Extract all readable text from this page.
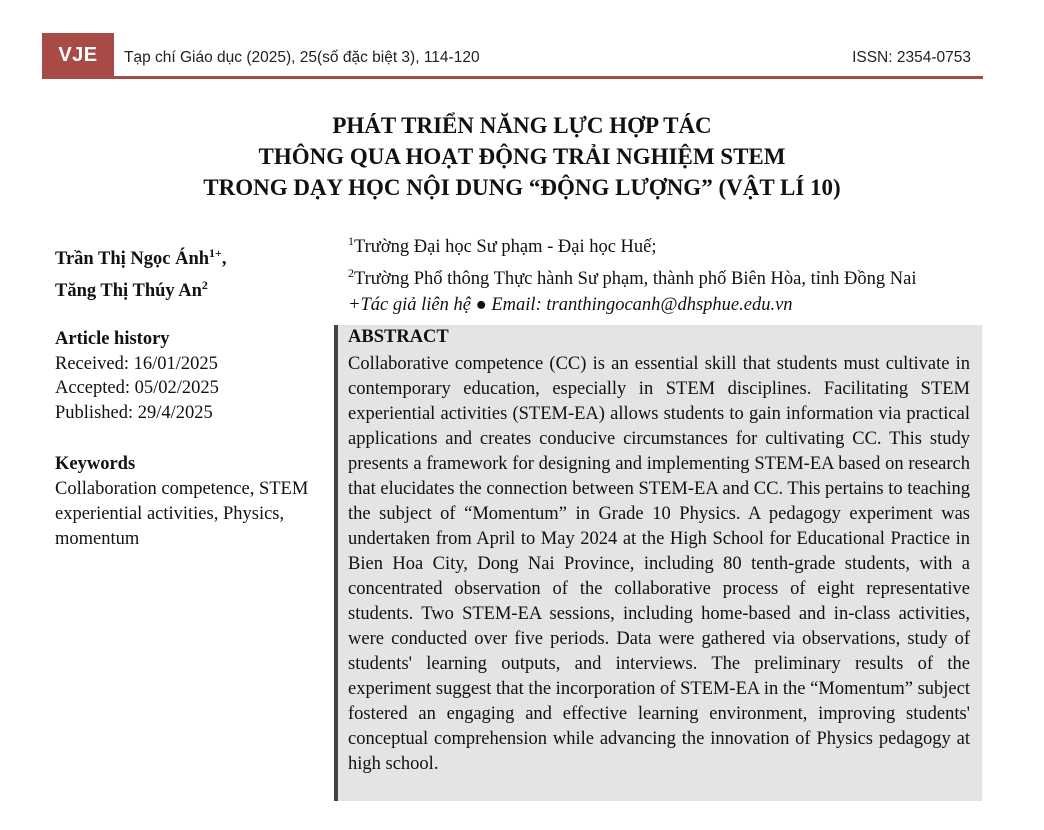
VJE	Tạp chí Giáo dục (2025), 25(số đặc biệt 3), 114-120	ISSN: 2354-0753
PHÁT TRIỂN NĂNG LỰC HỢP TÁC
THÔNG QUA HOẠT ĐỘNG TRẢI NGHIỆM STEM
TRONG DẠY HỌC NỘI DUNG “ĐỘNG LƯỢNG” (VẬT LÍ 10)
Trần Thị Ngọc Ánh$^{1+}$,
Tăng Thị Thúy An$^2$
$^1$Trường Đại học Sư phạm - Đại học Huế;
$^2$Trường Phổ thông Thực hành Sư phạm, thành phố Biên Hòa, tỉnh Đồng Nai
+Tác giả liên hệ ● Email: tranthingocanh@dhsphue.edu.vn
Article history
Received: 16/01/2025
Accepted: 05/02/2025
Published: 29/4/2025
Keywords
Collaboration competence, STEM experiential activities, Physics, momentum
ABSTRACT
Collaborative competence (CC) is an essential skill that students must cultivate in contemporary education, especially in STEM disciplines. Facilitating STEM experiential activities (STEM-EA) allows students to gain information via practical applications and creates conducive circumstances for cultivating CC. This study presents a framework for designing and implementing STEM-EA based on research that elucidates the connection between STEM-EA and CC. This pertains to teaching the subject of “Momentum” in Grade 10 Physics. A pedagogy experiment was undertaken from April to May 2024 at the High School for Educational Practice in Bien Hoa City, Dong Nai Province, including 80 tenth-grade students, with a concentrated observation of the collaborative process of eight representative students. Two STEM-EA sessions, including home-based and in-class activities, were conducted over five periods. Data were gathered via observations, study of students' learning outputs, and interviews. The preliminary results of the experiment suggest that the incorporation of STEM-EA in the “Momentum” subject fostered an engaging and effective learning environment, improving students' conceptual comprehension while advancing the innovation of Physics pedagogy at high school.
